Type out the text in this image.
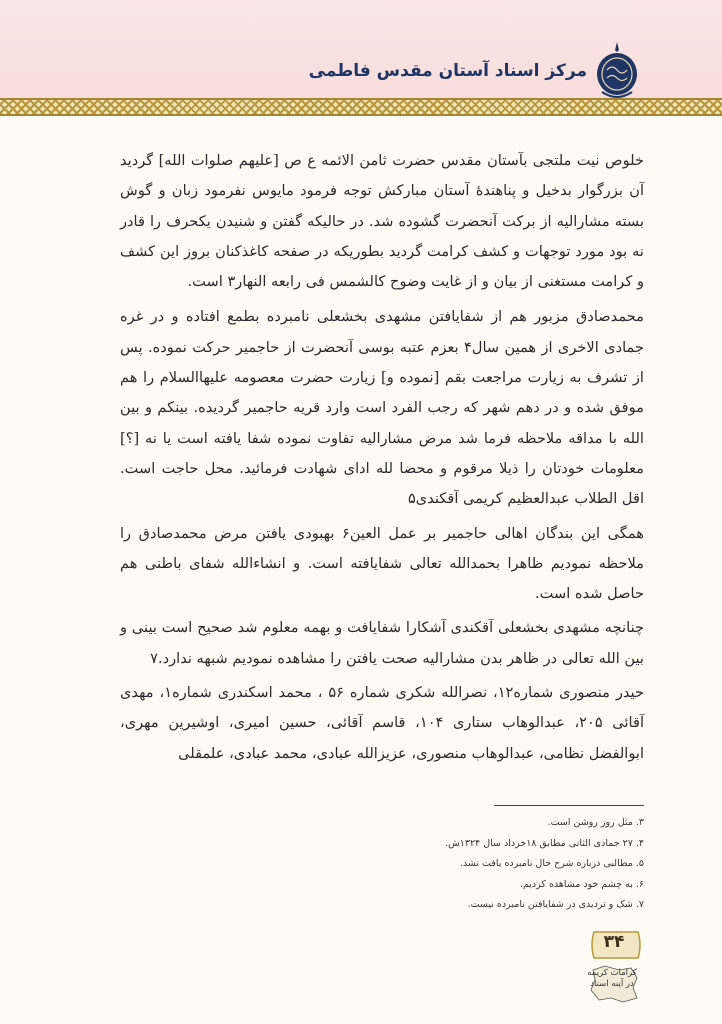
مرکز اسناد آستان مقدس فاطمی

خلوص نیت ملتجی بآستان مقدس حضرت ثامن الائمه ع ص [علیهم صلوات الله] گردید آن بزرگوار بدخیل و پناهندهٔ آستان مبارکش توجه فرمود مایوس نفرمود زبان و گوش بسته مشارالیه از برکت آنحضرت گشوده شد. در حالیکه گفتن و شنیدن یکحرف را قادر نه بود مورد توجهات و کشف کرامت گردید بطوریکه در صفحه کاغذکنان بروز این کشف و کرامت مستغنی از بیان و از غایت وضوح کالشمس فی رابعه النهار۳ است.

محمدصادق مزبور هم از شفایافتن مشهدی بخشعلی نامبرده بطمع افتاده و در غره جمادی الاخری از همین سال۴ بعزم عتبه بوسی آنحضرت از حاجمیر حرکت نموده. پس از تشرف به زیارت مراجعت بقم [نموده و] زیارت حضرت معصومه علیهاالسلام را هم موفق شده و در دهم شهر که رجب الفرد است وارد قریه حاجمیر گردیده. بینکم و بین الله با مداقه ملاحظه فرما شد مرض مشارالیه تفاوت نموده شفا یافته است یا نه [؟] معلومات خودتان را ذیلا مرقوم و محضا لله ادای شهادت فرمائید. محل حاجت است. اقل الطلاب عبدالعظیم کریمی آقکندی۵

همگی این بندگان اهالی حاجمیر بر عمل العین۶ بهبودی یافتن مرض محمدصادق را ملاحظه نمودیم ظاهرا بحمدالله تعالی شفایافته است. و انشاءالله شفای باطنی هم حاصل شده است.

چنانچه مشهدی بخشعلی آقکندی آشکارا شفایافت و بهمه معلوم شد صحیح است بینی و بین الله تعالی در ظاهر بدن مشارالیه صحت یافتن را مشاهده نمودیم شبهه ندارد.۷

حیدر منصوری شماره۱۲، نصرالله شکری شماره ۵۶ ، محمد اسکندری شماره۱، مهدی آقائی ۲۰۵، عبدالوهاب ستاری ۱۰۴، قاسم آقائی، حسین امیری، اوشیرین مهری، ابوالفضل نظامی، عبدالوهاب منصوری، عزیزالله عبادی، محمد عبادی، علمقلی

۳. مثل روز روشن است.
۴. ۲۷ جمادی الثانی مطابق ۱۸خرداد سال ۱۳۲۴ش.
۵. مطالبی درباره شرح حال نامبرده یافت نشد.
۶. به چشم خود مشاهده کردیم.
۷. شک و تردیدی در شفایافتن نامبرده نیست.
۳۴
کرامات کریمه
در آینه اسناد
